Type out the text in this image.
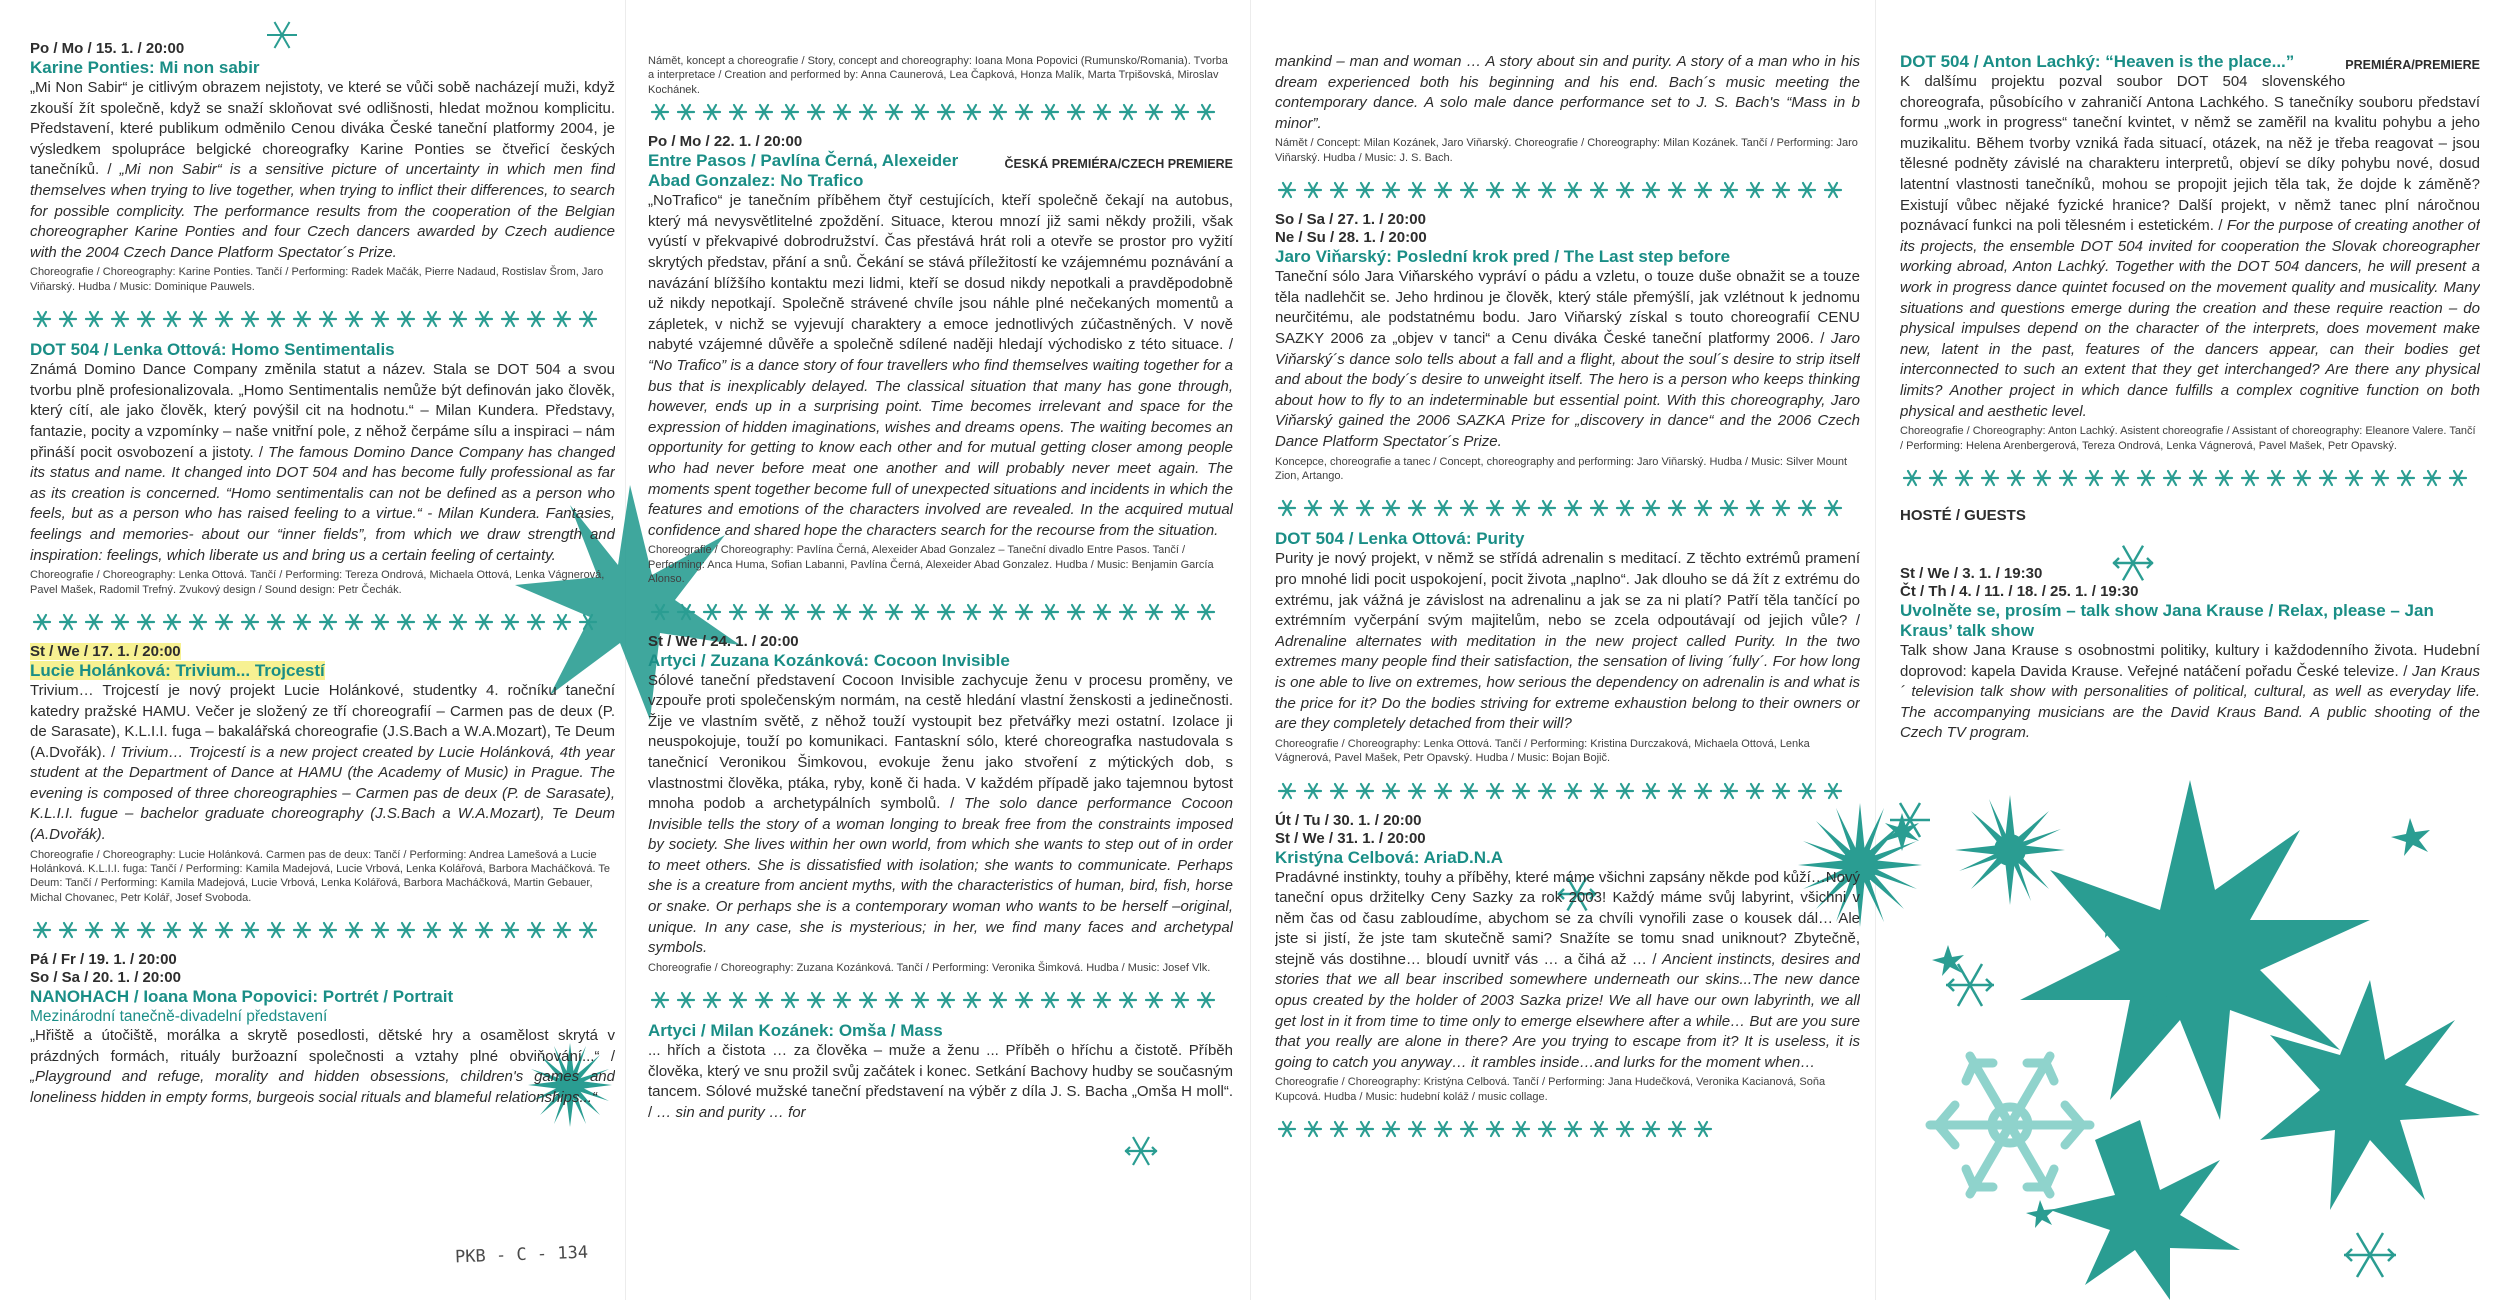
PKB - C - 134
Po / Mo / 15. 1. / 20:00
Karine Ponties: Mi non sabir
„Mi Non Sabir“ je citlivým obrazem nejistoty, ve které se vůči sobě nacházejí muži, když zkouší žít společně, když se snaží skloňovat své odlišnosti, hledat možnou komplicitu. Představení, které publikum odměnilo Cenou diváka České taneční platformy 2004, je výsledkem spolupráce belgické choreografky Karine Ponties se čtveřicí českých tanečníků. / „Mi non Sabir“ is a sensitive picture of uncertainty in which men find themselves when trying to live together, when trying to inflict their differences, to search for possible complicity. The performance results from the cooperation of the Belgian choreographer Karine Ponties and four Czech dancers awarded by Czech audience with the 2004 Czech Dance Platform Spectator´s Prize.
Choreografie / Choreography: Karine Ponties. Tančí / Performing: Radek Mačák, Pierre Nadaud, Rostislav Šrom, Jaro Viňarský. Hudba / Music: Dominique Pauwels.
DOT 504 / Lenka Ottová: Homo Sentimentalis
Známá Domino Dance Company změnila statut a název. Stala se DOT 504 a svou tvorbu plně profesionalizovala. „Homo Sentimentalis nemůže být definován jako člověk, který cítí, ale jako člověk, který povýšil cit na hodnotu.“ – Milan Kundera. Představy, fantazie, pocity a vzpomínky – naše vnitřní pole, z něhož čerpáme sílu a inspiraci – nám přináší pocit osvobození a jistoty. / The famous Domino Dance Company has changed its status and name. It changed into DOT 504 and has become fully professional as far as its creation is concerned. “Homo sentimentalis can not be defined as a person who feels, but as a person who has raised feeling to a virtue.“ - Milan Kundera. Fantasies, feelings and memories- about our “inner fields”, from which we draw strength and inspiration: feelings, which liberate us and bring us a certain feeling of certainty.
Choreografie / Choreography: Lenka Ottová. Tančí / Performing: Tereza Ondrová, Michaela Ottová, Lenka Vágnerová, Pavel Mašek, Radomil Trefný. Zvukový design / Sound design: Petr Čechák.
St / We / 17. 1. / 20:00
Lucie Holánková: Trivium... Trojcestí
Trivium… Trojcestí je nový projekt Lucie Holánkové, studentky 4. ročníku taneční katedry pražské HAMU. Večer je složený ze tří choreografií – Carmen pas de deux (P. de Sarasate), K.L.I.I. fuga – bakalářská choreografie (J.S.Bach a W.A.Mozart), Te Deum (A.Dvořák). / Trivium… Trojcestí is a new project created by Lucie Holánková, 4th year student at the Department of Dance at HAMU (the Academy of Music) in Prague. The evening is composed of three choreographies – Carmen pas de deux (P. de Sarasate), K.L.I.I. fugue – bachelor graduate choreography (J.S.Bach a W.A.Mozart), Te Deum (A.Dvořák).
Choreografie / Choreography: Lucie Holánková. Carmen pas de deux: Tančí / Performing: Andrea Lamešová a Lucie Holánková. K.L.I.I. fuga: Tančí / Performing: Kamila Madejová, Lucie Vrbová, Lenka Kolářová, Barbora Macháčková. Te Deum: Tančí / Performing: Kamila Madejová, Lucie Vrbová, Lenka Kolářová, Barbora Macháčková, Martin Gebauer, Michal Chovanec, Petr Kolář, Josef Svoboda.
Pá / Fr / 19. 1. / 20:00
So / Sa / 20. 1. / 20:00
NANOHACH / Ioana Mona Popovici: Portrét / Portrait
Mezinárodní tanečně-divadelní představení
„Hřiště a útočiště, morálka a skrytě posedlosti, dětské hry a osamělost skrytá v prázdných formách, rituály buržoazní společnosti a vztahy plné obviňování...“ / „Playground and refuge, morality and hidden obsessions, children's games and loneliness hidden in empty forms, burgeois social rituals and blameful relationships...“
Námět, koncept a choreografie / Story, concept and choreography: Ioana Mona Popovici (Rumunsko/Romania). Tvorba a interpretace / Creation and performed by: Anna Caunerová, Lea Čapková, Honza Malík, Marta Trpišovská, Miroslav Kochánek.
Po / Mo / 22. 1. / 20:00
ČESKÁ PREMIÉRA/CZECH PREMIERE
Entre Pasos / Pavlína Černá, Alexeider Abad Gonzalez: No Trafico
„NoTrafico“ je tanečním příběhem čtyř cestujících, kteří společně čekají na autobus, který má nevysvětlitelné zpoždění. Situace, kterou mnozí již sami někdy prožili, však vyústí v překvapivé dobrodružství. Čas přestává hrát roli a otevře se prostor pro vyžití skrytých představ, přání a snů. Čekání se stává příležitostí ke vzájemnému poznávání a navázání blížšího kontaktu mezi lidmi, kteří se dosud nikdy nepotkali a pravděpodobně už nikdy nepotkají. Společně strávené chvíle jsou náhle plné nečekaných momentů a zápletek, v nichž se vyjevují charaktery a emoce jednotlivých zúčastněných. V nově nabyté vzájemné důvěře a společně sdílené naději hledají východisko z této situace. / “No Trafico” is a dance story of four travellers who find themselves waiting together for a bus that is inexplicably delayed. The classical situation that many has gone through, however, ends up in a surprising point. Time becomes irrelevant and space for the expression of hidden imaginations, wishes and dreams opens. The waiting becomes an opportunity for getting to know each other and for mutual getting closer among people who had never before meat one another and will probably never meet again. The moments spent together become full of unexpected situations and incidents in which the features and emotions of the characters involved are revealed. In the acquired mutual confidence and shared hope the characters search for the recourse from the situation.
Choreografie / Choreography: Pavlína Černá, Alexeider Abad Gonzalez – Taneční divadlo Entre Pasos. Tančí / Performing: Anca Huma, Sofian Labanni, Pavlína Černá, Alexeider Abad Gonzalez. Hudba / Music: Benjamin García Alonso.
St / We / 24. 1. / 20:00
Artyci / Zuzana Kozánková: Cocoon Invisible
Sólové taneční představení Cocoon Invisible zachycuje ženu v procesu proměny, ve vzpouře proti společenským normám, na cestě hledání vlastní ženskosti a jedinečnosti. Žije ve vlastním světě, z něhož touží vystoupit bez přetvářky mezi ostatní. Izolace ji neuspokojuje, touží po komunikaci. Fantaskní sólo, které choreografka nastudovala s tanečnicí Veronikou Šimkovou, evokuje ženu jako stvoření z mýtických dob, s vlastnostmi člověka, ptáka, ryby, koně či hada. V každém případě jako tajemnou bytost mnoha podob a archetypálních symbolů. / The solo dance performance Cocoon Invisible tells the story of a woman longing to break free from the constraints imposed by society. She lives within her own world, from which she wants to step out of in order to meet others. She is dissatisfied with isolation; she wants to communicate. Perhaps she is a creature from ancient myths, with the characteristics of human, bird, fish, horse or snake. Or perhaps she is a contemporary woman who wants to be herself –original, unique. In any case, she is mysterious; in her, we find many faces and archetypal symbols.
Choreografie / Choreography: Zuzana Kozánková. Tančí / Performing: Veronika Šimková. Hudba / Music: Josef Vlk.
Artyci / Milan Kozánek: Omša / Mass
... hřích a čistota … za člověka – muže a ženu ... Příběh o hříchu a čistotě. Příběh člověka, který ve snu prožil svůj začátek i konec. Setkání Bachovy hudby se současným tancem. Sólové mužské taneční představení na výběr z díla J. S. Bacha „Omša H moll“. / … sin and purity … for
mankind – man and woman … A story about sin and purity. A story of a man who in his dream experienced both his beginning and his end. Bach´s music meeting the contemporary dance. A solo male dance performance set to J. S. Bach's “Mass in b minor”.
Námět / Concept: Milan Kozánek, Jaro Viňarský. Choreografie / Choreography: Milan Kozánek. Tančí / Performing: Jaro Viňarský. Hudba / Music: J. S. Bach.
So / Sa / 27. 1. / 20:00
Ne / Su / 28. 1. / 20:00
Jaro Viňarský: Poslední krok pred / The Last step before
Taneční sólo Jara Viňarského vypráví o pádu a vzletu, o touze duše obnažit se a touze těla nadlehčit se. Jeho hrdinou je člověk, který stále přemýšlí, jak vzlétnout k jednomu neurčitému, ale podstatnému bodu. Jaro Viňarský získal s touto choreografií CENU SAZKY 2006 za „objev v tanci“ a Cenu diváka České taneční platformy 2006. / Jaro Viňarský´s dance solo tells about a fall and a flight, about the soul´s desire to strip itself and about the body´s desire to unweight itself. The hero is a person who keeps thinking about how to fly to an indeterminable but essential point. With this choreography, Jaro Viňarský gained the 2006 SAZKA Prize for „discovery in dance“ and the 2006 Czech Dance Platform Spectator´s Prize.
Koncepce, choreografie a tanec / Concept, choreography and performing: Jaro Viňarský. Hudba / Music: Silver Mount Zion, Artango.
DOT 504 / Lenka Ottová: Purity
Purity je nový projekt, v němž se střídá adrenalin s meditací. Z těchto extrémů pramení pro mnohé lidi pocit uspokojení, pocit života „naplno“. Jak dlouho se dá žít z extrému do extrému, jak vážná je závislost na adrenalinu a jak se za ni platí? Patří těla tančící po extrémním vyčerpání svým majitelům, nebo se zcela odpoutávají od jejich vůle? / Adrenaline alternates with meditation in the new project called Purity. In the two extremes many people find their satisfaction, the sensation of living ´fully´. For how long is one able to live on extremes, how serious the dependency on adrenalin is and what is the price for it? Do the bodies striving for extreme exhaustion belong to their owners or are they completely detached from their will?
Choreografie / Choreography: Lenka Ottová. Tančí / Performing: Kristina Durczaková, Michaela Ottová, Lenka Vágnerová, Pavel Mašek, Petr Opavský. Hudba / Music: Bojan Bojič.
Út / Tu / 30. 1. / 20:00
St / We / 31. 1. / 20:00
Kristýna Celbová: AriaD.N.A
Pradávné instinkty, touhy a příběhy, které máme všichni zapsány někde pod kůží…Nový taneční opus držitelky Ceny Sazky za rok 2003! Každý máme svůj labyrint, všichni v něm čas od času zabloudíme, abychom se za chvíli vynořili zase o kousek dál… Ale jste si jistí, že jste tam skutečně sami? Snažíte se tomu snad uniknout? Zbytečně, stejně vás dostihne… bloudí uvnitř vás … a čihá až … / Ancient instincts, desires and stories that we all bear inscribed somewhere underneath our skins...The new dance opus created by the holder of 2003 Sazka prize! We all have our own labyrinth, we all get lost in it from time to time only to emerge elsewhere after a while… But are you sure that you really are alone in there? Are you trying to escape from it? It is useless, it is going to catch you anyway… it rambles inside…and lurks for the moment when…
Choreografie / Choreography: Kristýna Celbová. Tančí / Performing: Jana Hudečková, Veronika Kacianová, Soňa Kupcová. Hudba / Music: hudební koláž / music collage.
PREMIÉRA/PREMIERE
DOT 504 / Anton Lachký: “Heaven is the place...”
K dalšímu projektu pozval soubor DOT 504 slovenského choreografa, působícího v zahraničí Antona Lachkého. S tanečníky souboru představí formu „work in progress“ taneční kvintet, v němž se zaměřil na kvalitu pohybu a jeho muzikalitu. Během tvorby vzniká řada situací, otázek, na něž je třeba reagovat – jsou tělesné podněty závislé na charakteru interpretů, objeví se díky pohybu nové, dosud latentní vlastnosti tanečníků, mohou se propojit jejich těla tak, že dojde k záměně? Existují vůbec nějaké fyzické hranice? Další projekt, v němž tanec plní náročnou poznávací funkci na poli tělesném i estetickém. / For the purpose of creating another of its projects, the ensemble DOT 504 invited for cooperation the Slovak choreographer working abroad, Anton Lachký. Together with the DOT 504 dancers, he will present a work in progress dance quintet focused on the movement quality and musicality. Many situations and questions emerge during the creation and these require reaction – do physical impulses depend on the character of the interprets, does movement make new, latent in the past, features of the dancers appear, can their bodies get interconnected to such an extent that they get interchanged? Are there any physical limits? Another project in which dance fulfills a complex cognitive function on both physical and aesthetic level.
Choreografie / Choreography: Anton Lachký. Asistent choreografie / Assistant of choreography: Eleanore Valere. Tančí / Performing: Helena Arenbergerová, Tereza Ondrová, Lenka Vágnerová, Pavel Mašek, Petr Opavský.
HOSTÉ / GUESTS
St / We / 3. 1. / 19:30
Čt / Th / 4. / 11. / 18. / 25. 1. / 19:30
Uvolněte se, prosím – talk show Jana Krause / Relax, please – Jan Kraus’ talk show
Talk show Jana Krause s osobnostmi politiky, kultury i každodenního života. Hudební doprovod: kapela Davida Krause. Veřejné natáčení pořadu České televize. / Jan Kraus´ television talk show with personalities of political, cultural, as well as everyday life. The accompanying musicians are the David Kraus Band. A public shooting of the Czech TV program.
